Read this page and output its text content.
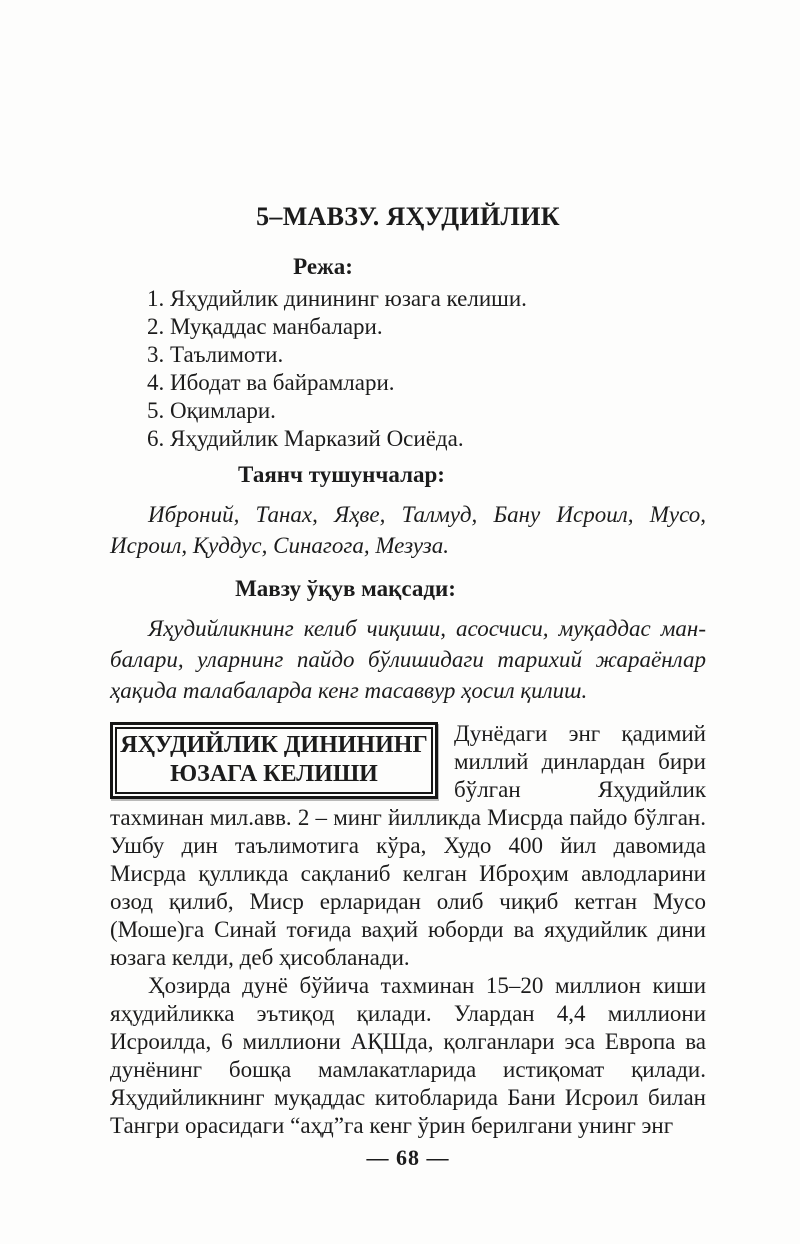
5–МАВЗУ. ЯҲУДИЙЛИК
Режа:
1. Яҳудийлик динининг юзага келиши.
2. Муқаддас манбалари.
3. Таълимоти.
4. Ибодат ва байрамлари.
5. Оқимлари.
6. Яҳудийлик Марказий Осиёда.
Таянч тушунчалар:

Иброний, Танах, Яҳве, Талмуд, Бану Исроил, Мусо, Исроил, Қуддус, Синагога, Мезуза.

Мавзу ўқув мақсади:

Яҳудийликнинг келиб чиқиши, асосчиси, муқаддас манбалари, уларнинг пайдо бўлишидаги тарихий жараёнлар ҳақида талабаларда кенг тасаввур ҳосил қилиш.

ЯҲУДИЙЛИК ДИНИНИНГ
ЮЗАГА КЕЛИШИ

Дунёдаги энг қадимий миллий динлардан бири бўлган Яҳудийлик тахминан мил.авв. 2 – минг йилликда Мисрда пайдо бўлган. Ушбу дин таълимотига кўра, Худо 400 йил давомида Мисрда қулликда сақланиб келган Иброҳим авлодларини озод қилиб, Миср ерларидан олиб чиқиб кетган Мусо (Моше)га Синай тоғида ваҳий юборди ва яҳудийлик дини юзага келди, деб ҳисобланади.

Ҳозирда дунё бўйича тахминан 15–20 миллион киши яҳудийликка эътиқод қилади. Улардан 4,4 миллиони Исроилда, 6 миллиони АҚШда, қолганлари эса Европа ва дунёнинг бошқа мамлакатларида истиқомат қилади. Яҳудийликнинг муқаддас китобларида Бани Исроил билан Тангри орасидаги “аҳд”га кенг ўрин берилгани унинг энг

— 68 —
